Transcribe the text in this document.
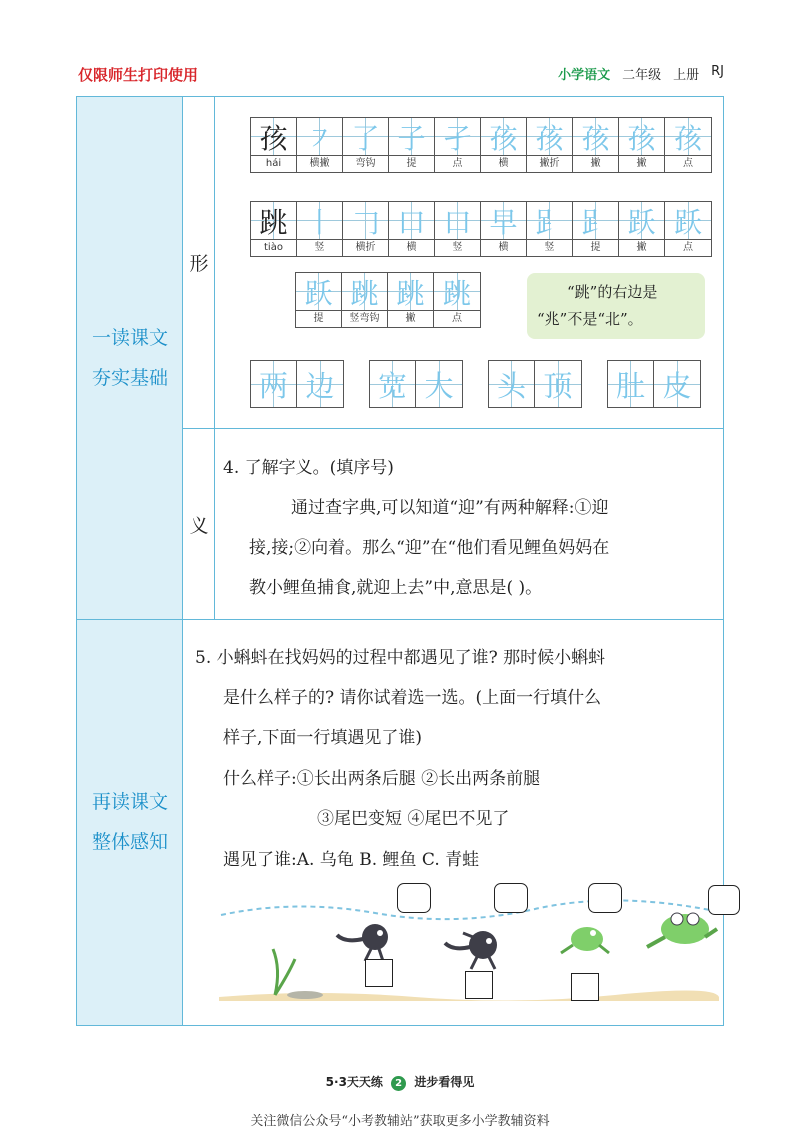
仅限师生打印使用	小学语文 二年级 上册 RJ
一读课文
夯实基础
再读课文
整体感知
形
义
孩
hái
㇇
横撇
了
弯钩
子
提
孑
点
孩
横
孩
撇折
孩
撇
孩
撇
孩
点
跳
tiào
丨
竖
𠃌
横折
口
横
口
竖
早
横
𧾷
竖
𧾷
提
跃
撇
跃
点
跃
提
跳
竖弯钩
跳
撇
跳
点
“跳”的右边是
“兆”不是“北”。
两 边 宽 大 头 顶 肚 皮
4. 了解字义。(填序号)
通过查字典,可以知道“迎”有两种解释:①迎
接,接;②向着。那么“迎”在“他们看见鲤鱼妈妈在
教小鲤鱼捕食,就迎上去”中,意思是( )。
5. 小蝌蚪在找妈妈的过程中都遇见了谁? 那时候小蝌蚪
是什么样子的? 请你试着选一选。(上面一行填什么
样子,下面一行填遇见了谁)
什么样子:①长出两条后腿 ②长出两条前腿
③尾巴变短 ④尾巴不见了
遇见了谁:A. 乌龟 B. 鲤鱼 C. 青蛙
5·3天天练 2 进步看得见
关注微信公众号“小考教辅站”获取更多小学教辅资料
